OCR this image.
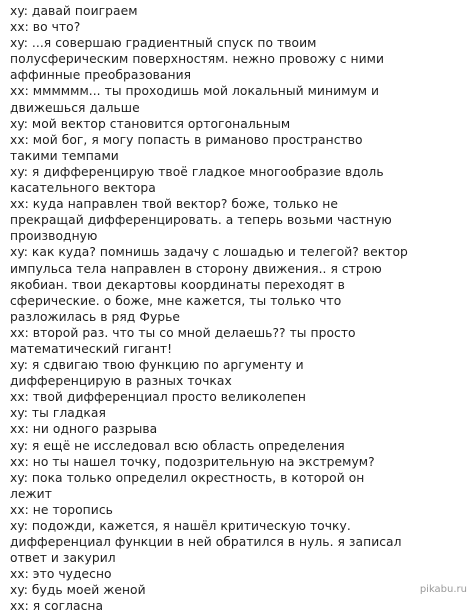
xy: давай поиграем
xx: во что?
xy: ...я совершаю градиентный спуск по твоим
полусферическим поверхностям. нежно провожу с ними
аффинные преобразования
xx: мммммм... ты проходишь мой локальный минимум и
движешься дальше
xy: мой вектор становится ортогональным
xx: мой бог, я могу попасть в риманово пространство
такими темпами
xy: я дифференцирую твоё гладкое многообразие вдоль
касательного вектора
xx: куда направлен твой вектор? боже, только не
прекращай дифференцировать. а теперь возьми частную
производную
xy: как куда? помнишь задачу с лошадью и телегой? вектор
импульса тела направлен в сторону движения.. я строю
якобиан. твои декартовы координаты переходят в
сферические. о боже, мне кажется, ты только что
разложилась в ряд Фурье
xx: второй раз. что ты со мной делаешь?? ты просто
математический гигант!
xy: я сдвигаю твою функцию по аргументу и
дифференцирую в разных точках
xx: твой дифференциал просто великолепен
xy: ты гладкая
xx: ни одного разрыва
xy: я ещё не исследовал всю область определения
xx: но ты нашел точку, подозрительную на экстремум?
xy: пока только определил окрестность, в которой он
лежит
xx: не торопись
xy: подожди, кажется, я нашёл критическую точку.
дифференциал функции в ней обратился в нуль. я записал
ответ и закурил
xx: это чудесно
xy: будь моей женой
xx: я согласна
pikabu.ru
